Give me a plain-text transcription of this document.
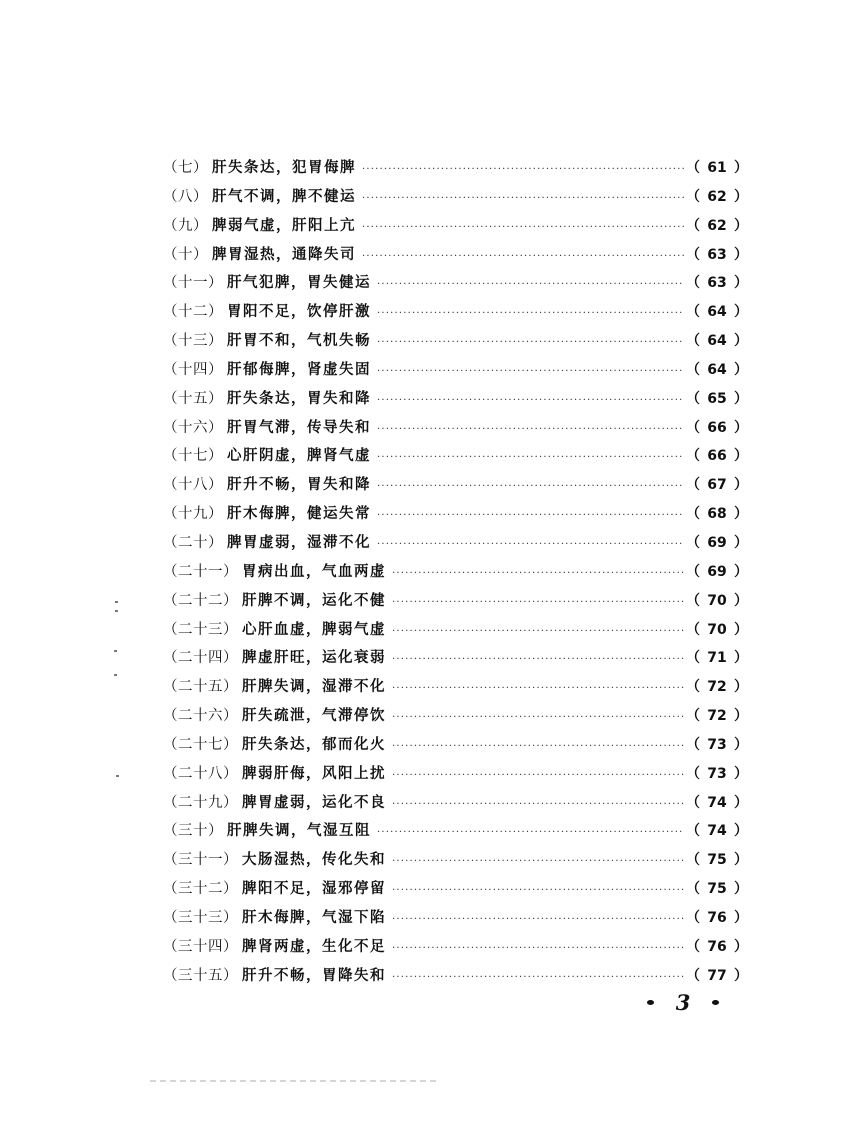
（七） 肝失条达，犯胃侮脾 ·····	（ 61 ）
（八） 肝气不调，脾不健运 ·····	（ 62 ）
（九） 脾弱气虚，肝阳上亢 ·····	（ 62 ）
（十） 脾胃湿热，通降失司 ·····	（ 63 ）
（十一） 肝气犯脾，胃失健运 ·····	（ 63 ）
（十二） 胃阳不足，饮停肝激 ·····	（ 64 ）
（十三） 肝胃不和，气机失畅 ·····	（ 64 ）
（十四） 肝郁侮脾，肾虚失固 ·····	（ 64 ）
（十五） 肝失条达，胃失和降 ·····	（ 65 ）
（十六） 肝胃气滞，传导失和 ·····	（ 66 ）
（十七） 心肝阴虚，脾肾气虚 ·····	（ 66 ）
（十八） 肝升不畅，胃失和降 ·····	（ 67 ）
（十九） 肝木侮脾，健运失常 ·····	（ 68 ）
（二十） 脾胃虚弱，湿滞不化 ·····	（ 69 ）
（二十一） 胃病出血，气血两虚 ·····	（ 69 ）
（二十二） 肝脾不调，运化不健 ·····	（ 70 ）
（二十三） 心肝血虚，脾弱气虚 ·····	（ 70 ）
（二十四） 脾虚肝旺，运化衰弱 ·····	（ 71 ）
（二十五） 肝脾失调，湿滞不化 ·····	（ 72 ）
（二十六） 肝失疏泄，气滞停饮 ·····	（ 72 ）
（二十七） 肝失条达，郁而化火 ·····	（ 73 ）
（二十八） 脾弱肝侮，风阳上扰 ·····	（ 73 ）
（二十九） 脾胃虚弱，运化不良 ·····	（ 74 ）
（三十） 肝脾失调，气湿互阻 ·····	（ 74 ）
（三十一） 大肠湿热，传化失和 ·····	（ 75 ）
（三十二） 脾阳不足，湿邪停留 ·····	（ 75 ）
（三十三） 肝木侮脾，气湿下陷 ·····	（ 76 ）
（三十四） 脾肾两虚，生化不足 ·····	（ 76 ）
（三十五） 肝升不畅，胃降失和 ·····	（ 77 ）
3
